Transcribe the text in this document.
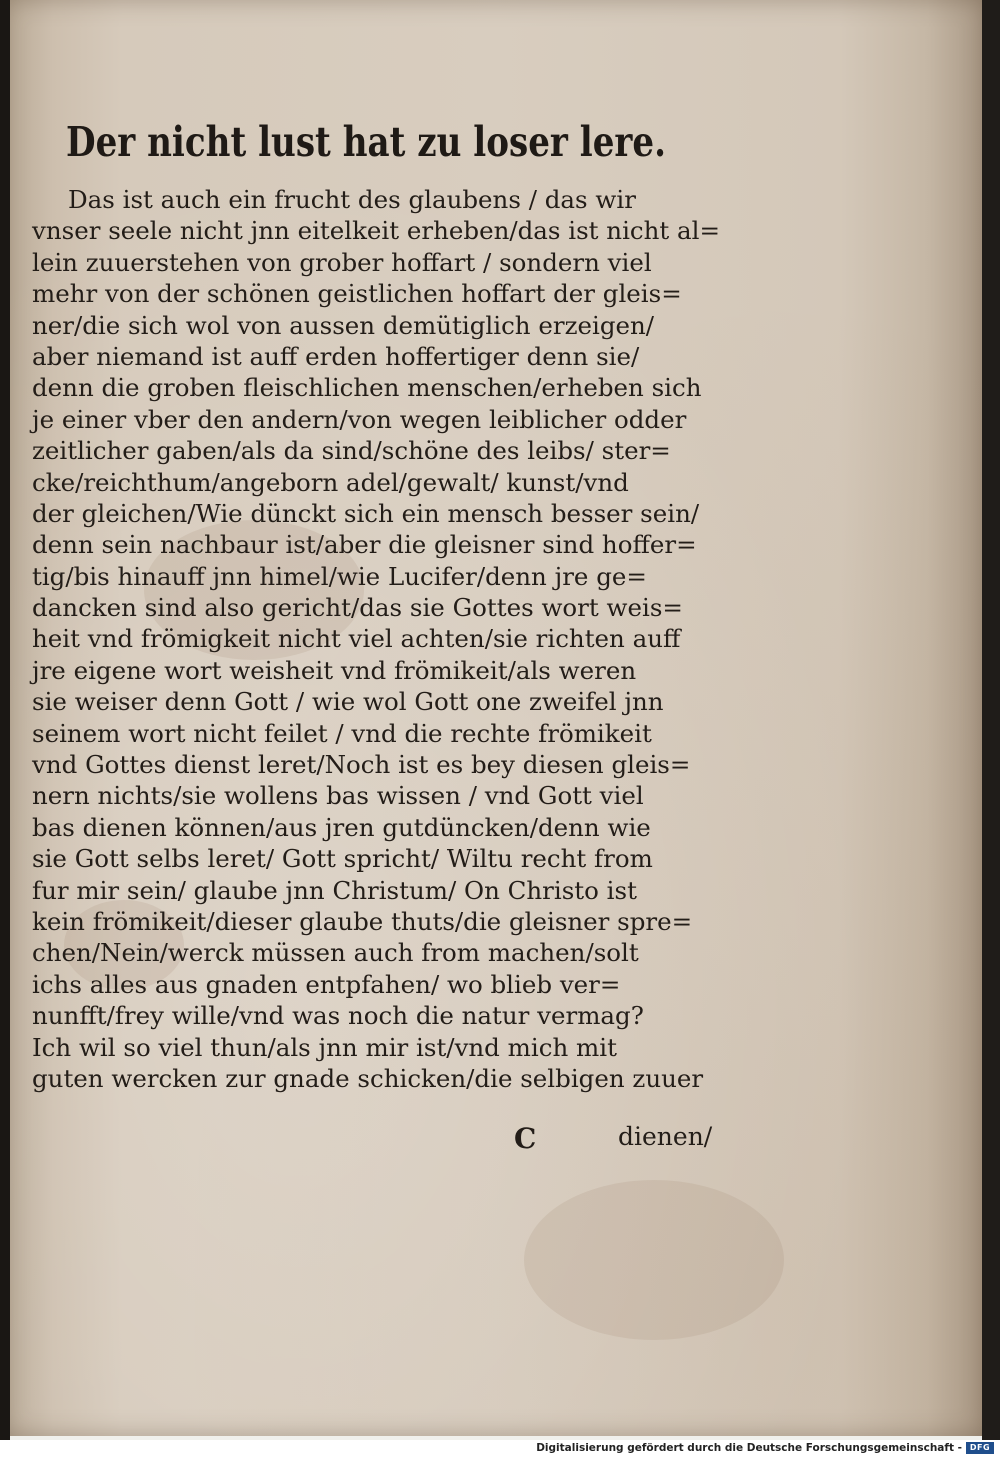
Der nicht lust hat zu loser lere.
Das ist auch ein frucht des glaubens / das wir
vnser seele nicht jnn eitelkeit erheben/das ist nicht al=
lein zuuerstehen von grober hoffart / sondern viel
mehr von der schönen geistlichen hoffart der gleis=
ner/die sich wol von aussen demütiglich erzeigen/
aber niemand ist auff erden hoffertiger denn sie/
denn die groben fleischlichen menschen/erheben sich
je einer vber den andern/von wegen leiblicher odder
zeitlicher gaben/als da sind/schöne des leibs/ ster=
cke/reichthum/angeborn adel/gewalt/ kunst/vnd
der gleichen/Wie dünckt sich ein mensch besser sein/
denn sein nachbaur ist/aber die gleisner sind hoffer=
tig/bis hinauff jnn himel/wie Lucifer/denn jre ge=
dancken sind also gericht/das sie Gottes wort weis=
heit vnd frömigkeit nicht viel achten/sie richten auff
jre eigene wort weisheit vnd frömikeit/als weren
sie weiser denn Gott / wie wol Gott one zweifel jnn
seinem wort nicht feilet / vnd die rechte frömikeit
vnd Gottes dienst leret/Noch ist es bey diesen gleis=
nern nichts/sie wollens bas wissen / vnd Gott viel
bas dienen können/aus jren gutdüncken/denn wie
sie Gott selbs leret/ Gott spricht/ Wiltu recht from
fur mir sein/ glaube jnn Christum/ On Christo ist
kein frömikeit/dieser glaube thuts/die gleisner spre=
chen/Nein/werck müssen auch from machen/solt
ichs alles aus gnaden entpfahen/ wo blieb ver=
nunfft/frey wille/vnd was noch die natur vermag?
Ich wil so viel thun/als jnn mir ist/vnd mich mit
guten wercken zur gnade schicken/die selbigen zuuer
C	dienen/
Digitalisierung gefördert durch die Deutsche Forschungsgemeinschaft - DFG
